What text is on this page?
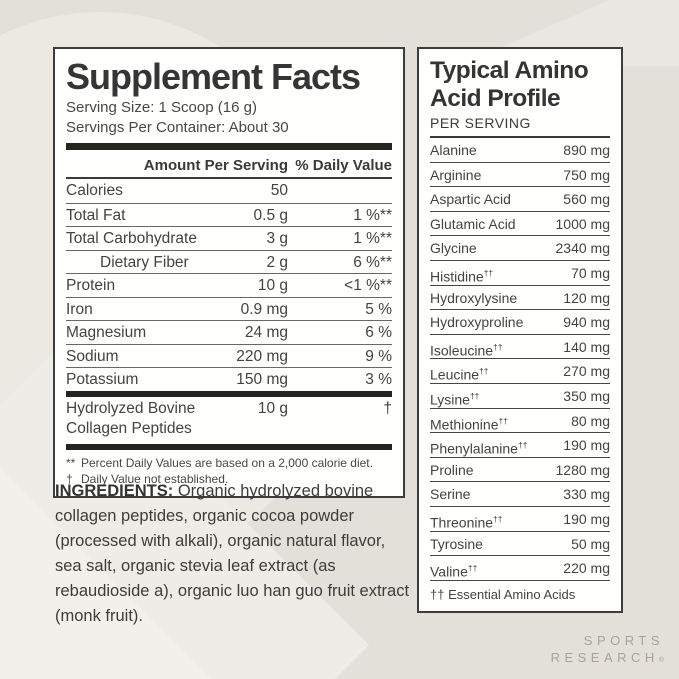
Supplement Facts
Serving Size: 1 Scoop (16 g)
Servings Per Container: About 30
Amount Per Serving % Daily Value
Calories	50
Total Fat	0.5 g	1 %**
Total Carbohydrate	3 g	1 %**
Dietary Fiber	2 g	6 %**
Protein	10 g	<1 %**
Iron	0.9 mg	5 %
Magnesium	24 mg	6 %
Sodium	220 mg	9 %
Potassium	150 mg	3 %
Hydrolyzed Bovine Collagen Peptides
10 g	†
** Percent Daily Values are based on a 2,000 calorie diet.
† Daily Value not established.

INGREDIENTS: Organic hydrolyzed bovine collagen peptides, organic cocoa powder (processed with alkali), organic natural flavor, sea salt, organic stevia leaf extract (as rebaudioside a), organic luo han guo fruit extract (monk fruit).

Typical Amino Acid Profile
PER SERVING
Alanine	890 mg
Arginine	750 mg
Aspartic Acid	560 mg
Glutamic Acid	1000 mg
Glycine	2340 mg
Histidine††	70 mg
Hydroxylysine	120 mg
Hydroxyproline	940 mg
Isoleucine††	140 mg
Leucine††	270 mg
Lysine††	350 mg
Methionine††	80 mg
Phenylalanine††	190 mg
Proline	1280 mg
Serine	330 mg
Threonine††	190 mg
Tyrosine	50 mg
Valine††	220 mg
†† Essential Amino Acids
SPORTS
RESEARCH®
